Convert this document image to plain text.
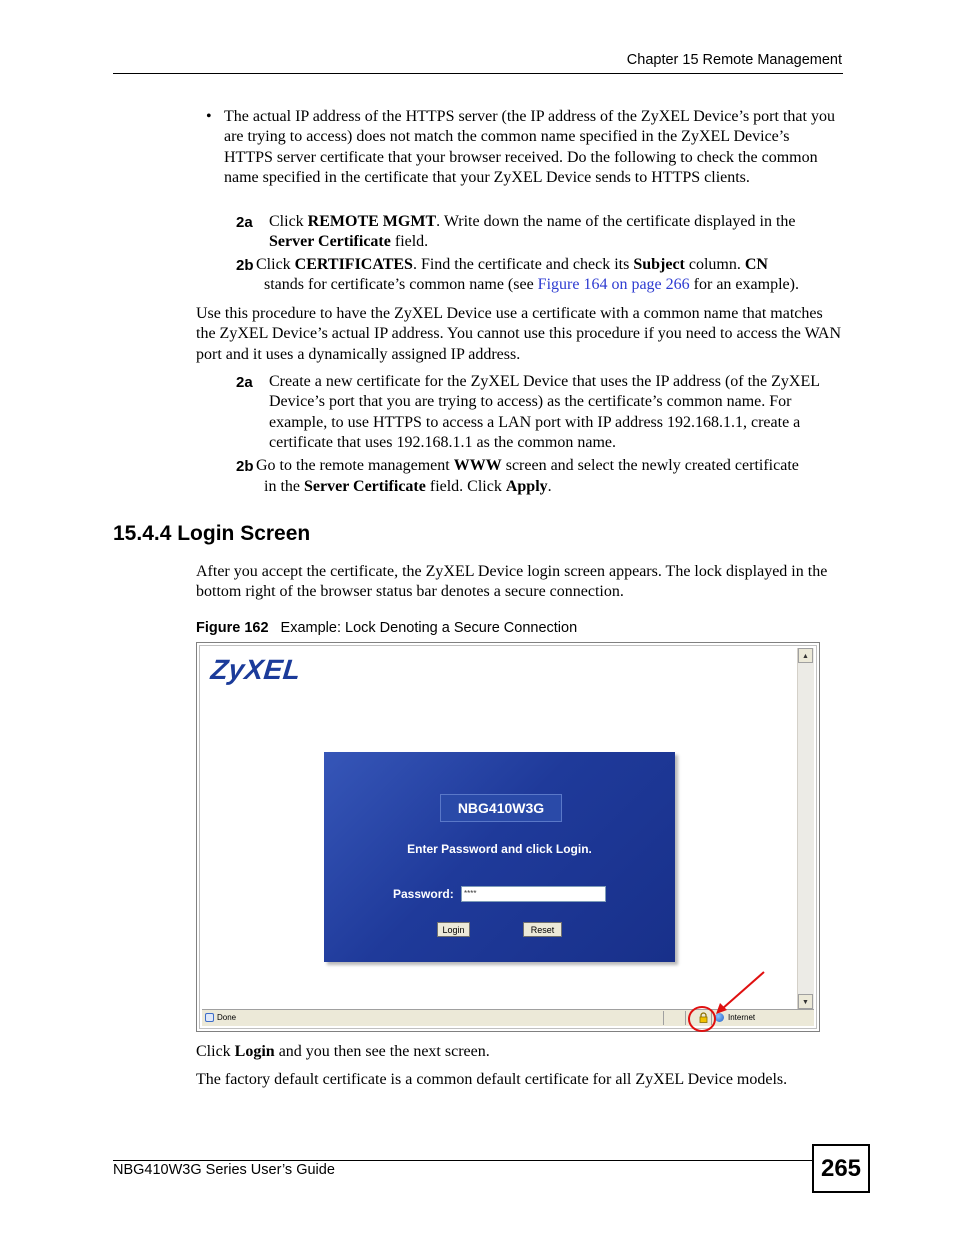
Chapter 15 Remote Management
• The actual IP address of the HTTPS server (the IP address of the ZyXEL Device’s port that you are trying to access) does not match the common name specified in the ZyXEL Device’s HTTPS server certificate that your browser received. Do the following to check the common name specified in the certificate that your ZyXEL Device sends to HTTPS clients.
2a Click REMOTE MGMT. Write down the name of the certificate displayed in the
Server Certificate field.
2b Click CERTIFICATES. Find the certificate and check its Subject column. CN
stands for certificate’s common name (see Figure 164 on page 266 for an example).
Use this procedure to have the ZyXEL Device use a certificate with a common name that matches the ZyXEL Device’s actual IP address. You cannot use this procedure if you need to access the WAN port and it uses a dynamically assigned IP address.
2a Create a new certificate for the ZyXEL Device that uses the IP address (of the ZyXEL Device’s port that you are trying to access) as the certificate’s common name. For example, to use HTTPS to access a LAN port with IP address 192.168.1.1, create a certificate that uses 192.168.1.1 as the common name.
2b Go to the remote management WWW screen and select the newly created certificate
in the Server Certificate field. Click Apply.
15.4.4 Login Screen
After you accept the certificate, the ZyXEL Device login screen appears. The lock displayed in the bottom right of the browser status bar denotes a secure connection.
Figure 162 Example: Lock Denoting a Secure Connection
ZyXEL
NBG410W3G
Enter Password and click Login.
Password:	****
Login	Reset
▲
▼
Done	Internet
Click Login and you then see the next screen.
The factory default certificate is a common default certificate for all ZyXEL Device models.
NBG410W3G Series User’s Guide	265
